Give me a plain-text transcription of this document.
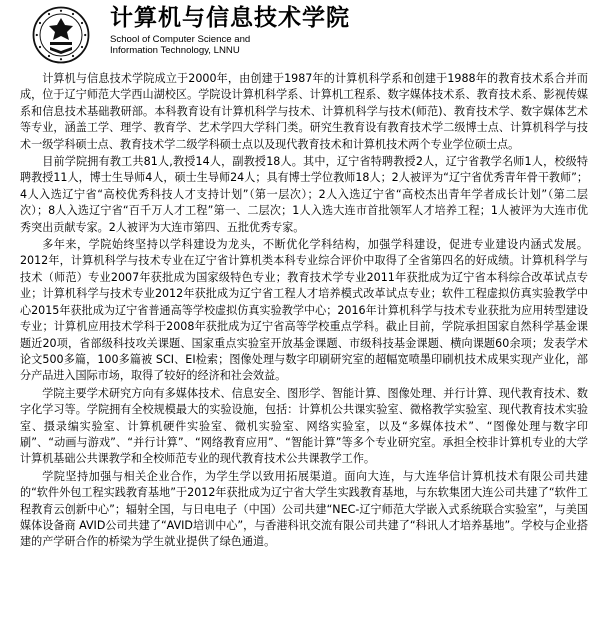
计算机与信息技术学院
School of Computer Science and
Information Technology, LNNU

计算机与信息技术学院成立于2000年，由创建于1987年的计算机科学系和创建于1988年的教育技术系合并而成，位于辽宁师范大学西山湖校区。学院设计算机科学系、计算机工程系、数字媒体技术系、教育技术系、影视传媒系和信息技术基础教研部。本科教育设有计算机科学与技术、计算机科学与技术(师范)、教育技术学、数字媒体艺术等专业，涵盖工学、理学、教育学、艺术学四大学科门类。研究生教育设有教育技术学二级博士点、计算机科学与技术一级学科硕士点、教育技术学二级学科硕士点以及现代教育技术和计算机技术两个专业学位硕士点。

目前学院拥有教工共81人,教授14人，副教授18人。其中，辽宁省特聘教授2人，辽宁省教学名师1人，校级特聘教授11人，博士生导师4人，硕士生导师24人；具有博士学位教师18人；2人被评为“辽宁省优秀青年骨干教师”；4人入选辽宁省“高校优秀科技人才支持计划”（第一层次）；2人入选辽宁省“高校杰出青年学者成长计划”（第二层次）；8人入选辽宁省“百千万人才工程”第一、二层次；1人入选大连市首批领军人才培养工程；1人被评为大连市优秀突出贡献专家。2人被评为大连市第四、五批优秀专家。

多年来，学院始终坚持以学科建设为龙头，不断优化学科结构，加强学科建设，促进专业建设内涵式发展。2012年，计算机科学与技术专业在辽宁省计算机类本科专业综合评价中取得了全省第四名的好成绩。计算机科学与技术（师范）专业2007年获批成为国家级特色专业；教育技术学专业2011年获批成为辽宁省本科综合改革试点专业；计算机科学与技术专业2012年获批成为辽宁省工程人才培养模式改革试点专业；软件工程虚拟仿真实验教学中心2015年获批成为辽宁省普通高等学校虚拟仿真实验教学中心；2016年计算机科学与技术专业获批为应用转型建设专业；计算机应用技术学科于2008年获批成为辽宁省高等学校重点学科。截止目前，学院承担国家自然科学基金课题近20项，省部级科技攻关课题、国家重点实验室开放基金课题、市级科技基金课题、横向课题60余项；发表学术论文500多篇，100多篇被 SCI、EI检索；图像处理与数字印刷研究室的超幅宽喷墨印刷机技术成果实现产业化，部分产品进入国际市场，取得了较好的经济和社会效益。

学院主要学术研究方向有多媒体技术、信息安全、图形学、智能计算、图像处理、并行计算、现代教育技术、数字化学习等。学院拥有全校规模最大的实验设施，包括：计算机公共课实验室、微格教学实验室、现代教育技术实验室、摄录编实验室、计算机硬件实验室、微机实验室、网络实验室，以及“多媒体技术”、“图像处理与数字印刷”、“动画与游戏”、“并行计算”、“网络教育应用”、“智能计算”等多个专业研究室。承担全校非计算机专业的大学计算机基础公共课教学和全校师范专业的现代教育技术公共课教学工作。

学院坚持加强与相关企业合作，为学生学以致用拓展渠道。面向大连，与大连华信计算机技术有限公司共建的“软件外包工程实践教育基地”于2012年获批成为辽宁省大学生实践教育基地，与东软集团大连公司共建了“软件工程教育云创新中心”；辐射全国，与日电电子（中国）公司共建“NEC-辽宁师范大学嵌入式系统联合实验室”，与美国媒体设备商 AVID公司共建了“AVID培训中心”，与香港科讯交流有限公司共建了“科讯人才培养基地”。学校与企业搭建的产学研合作的桥梁为学生就业提供了绿色通道。
